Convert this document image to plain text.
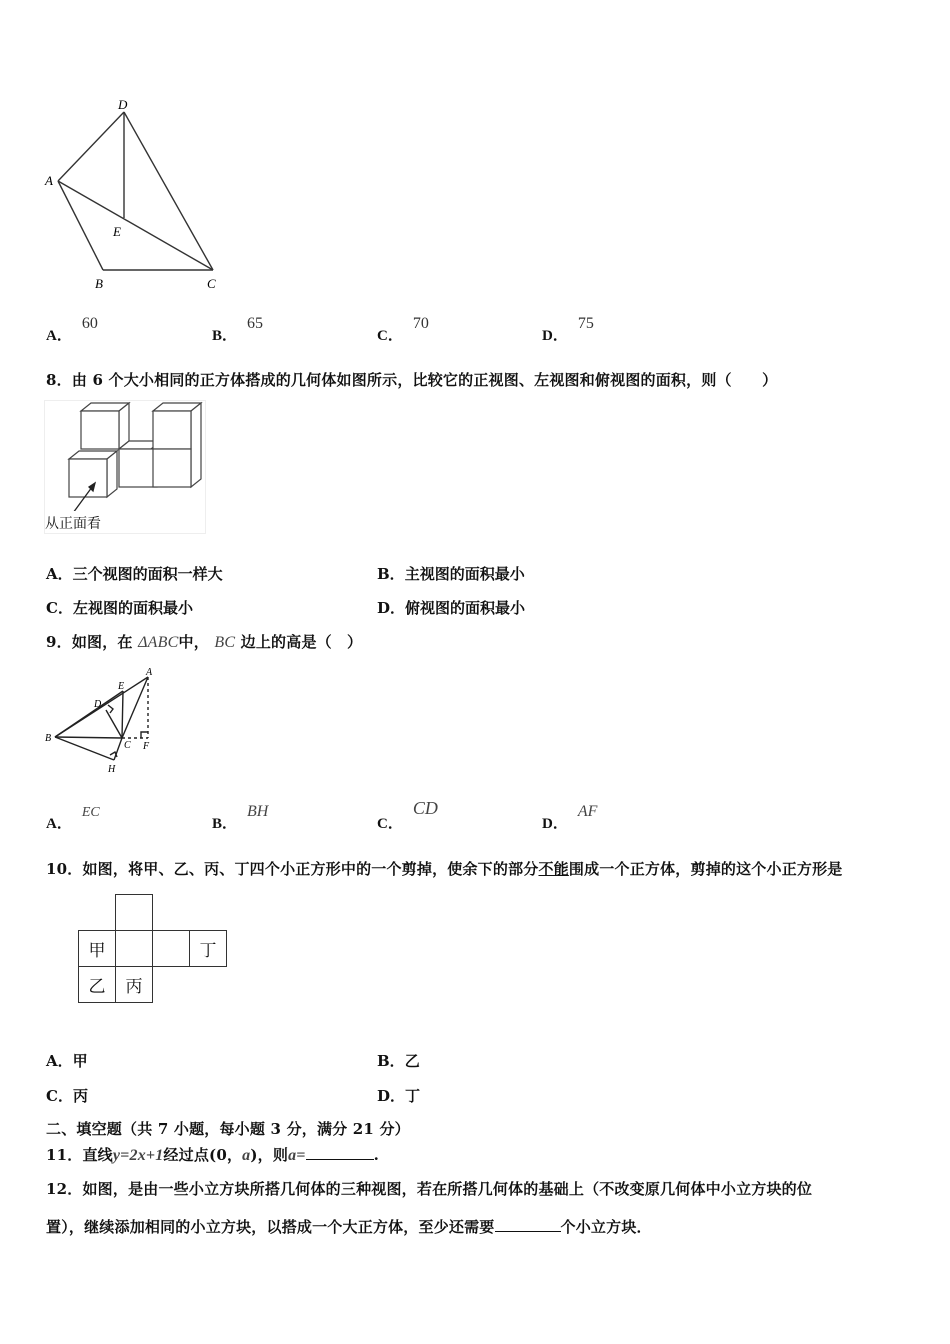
D
A
E
B	C
A．60
B．65
C．70
D．75
8．由 6 个大小相同的正方体搭成的几何体如图所示，比较它的正视图、左视图和俯视图的面积，则（　　）
从正面看
A．三个视图的面积一样大	B．主视图的面积最小
C．左视图的面积最小	D．俯视图的面积最小
9．如图，在 ΔABC中， BC 边上的高是（　）
A
E
D
B
C F
H
A．EC
B．BH
C．CD
D．AF
10．如图，将甲、乙、丙、丁四个小正方形中的一个剪掉，使余下的部分不能围成一个正方体，剪掉的这个小正方形是

甲			丁
乙	丙		
A．甲	B．乙
C．丙	D．丁
二、填空题（共 7 小题，每小题 3 分，满分 21 分）
11．直线y=2x+1经过点(0，a)，则a=	.
12．如图，是由一些小立方块所搭几何体的三种视图，若在所搭几何体的基础上（不改变原几何体中小立方块的位
置），继续添加相同的小立方块，以搭成一个大正方体，至少还需要	个小立方块．
